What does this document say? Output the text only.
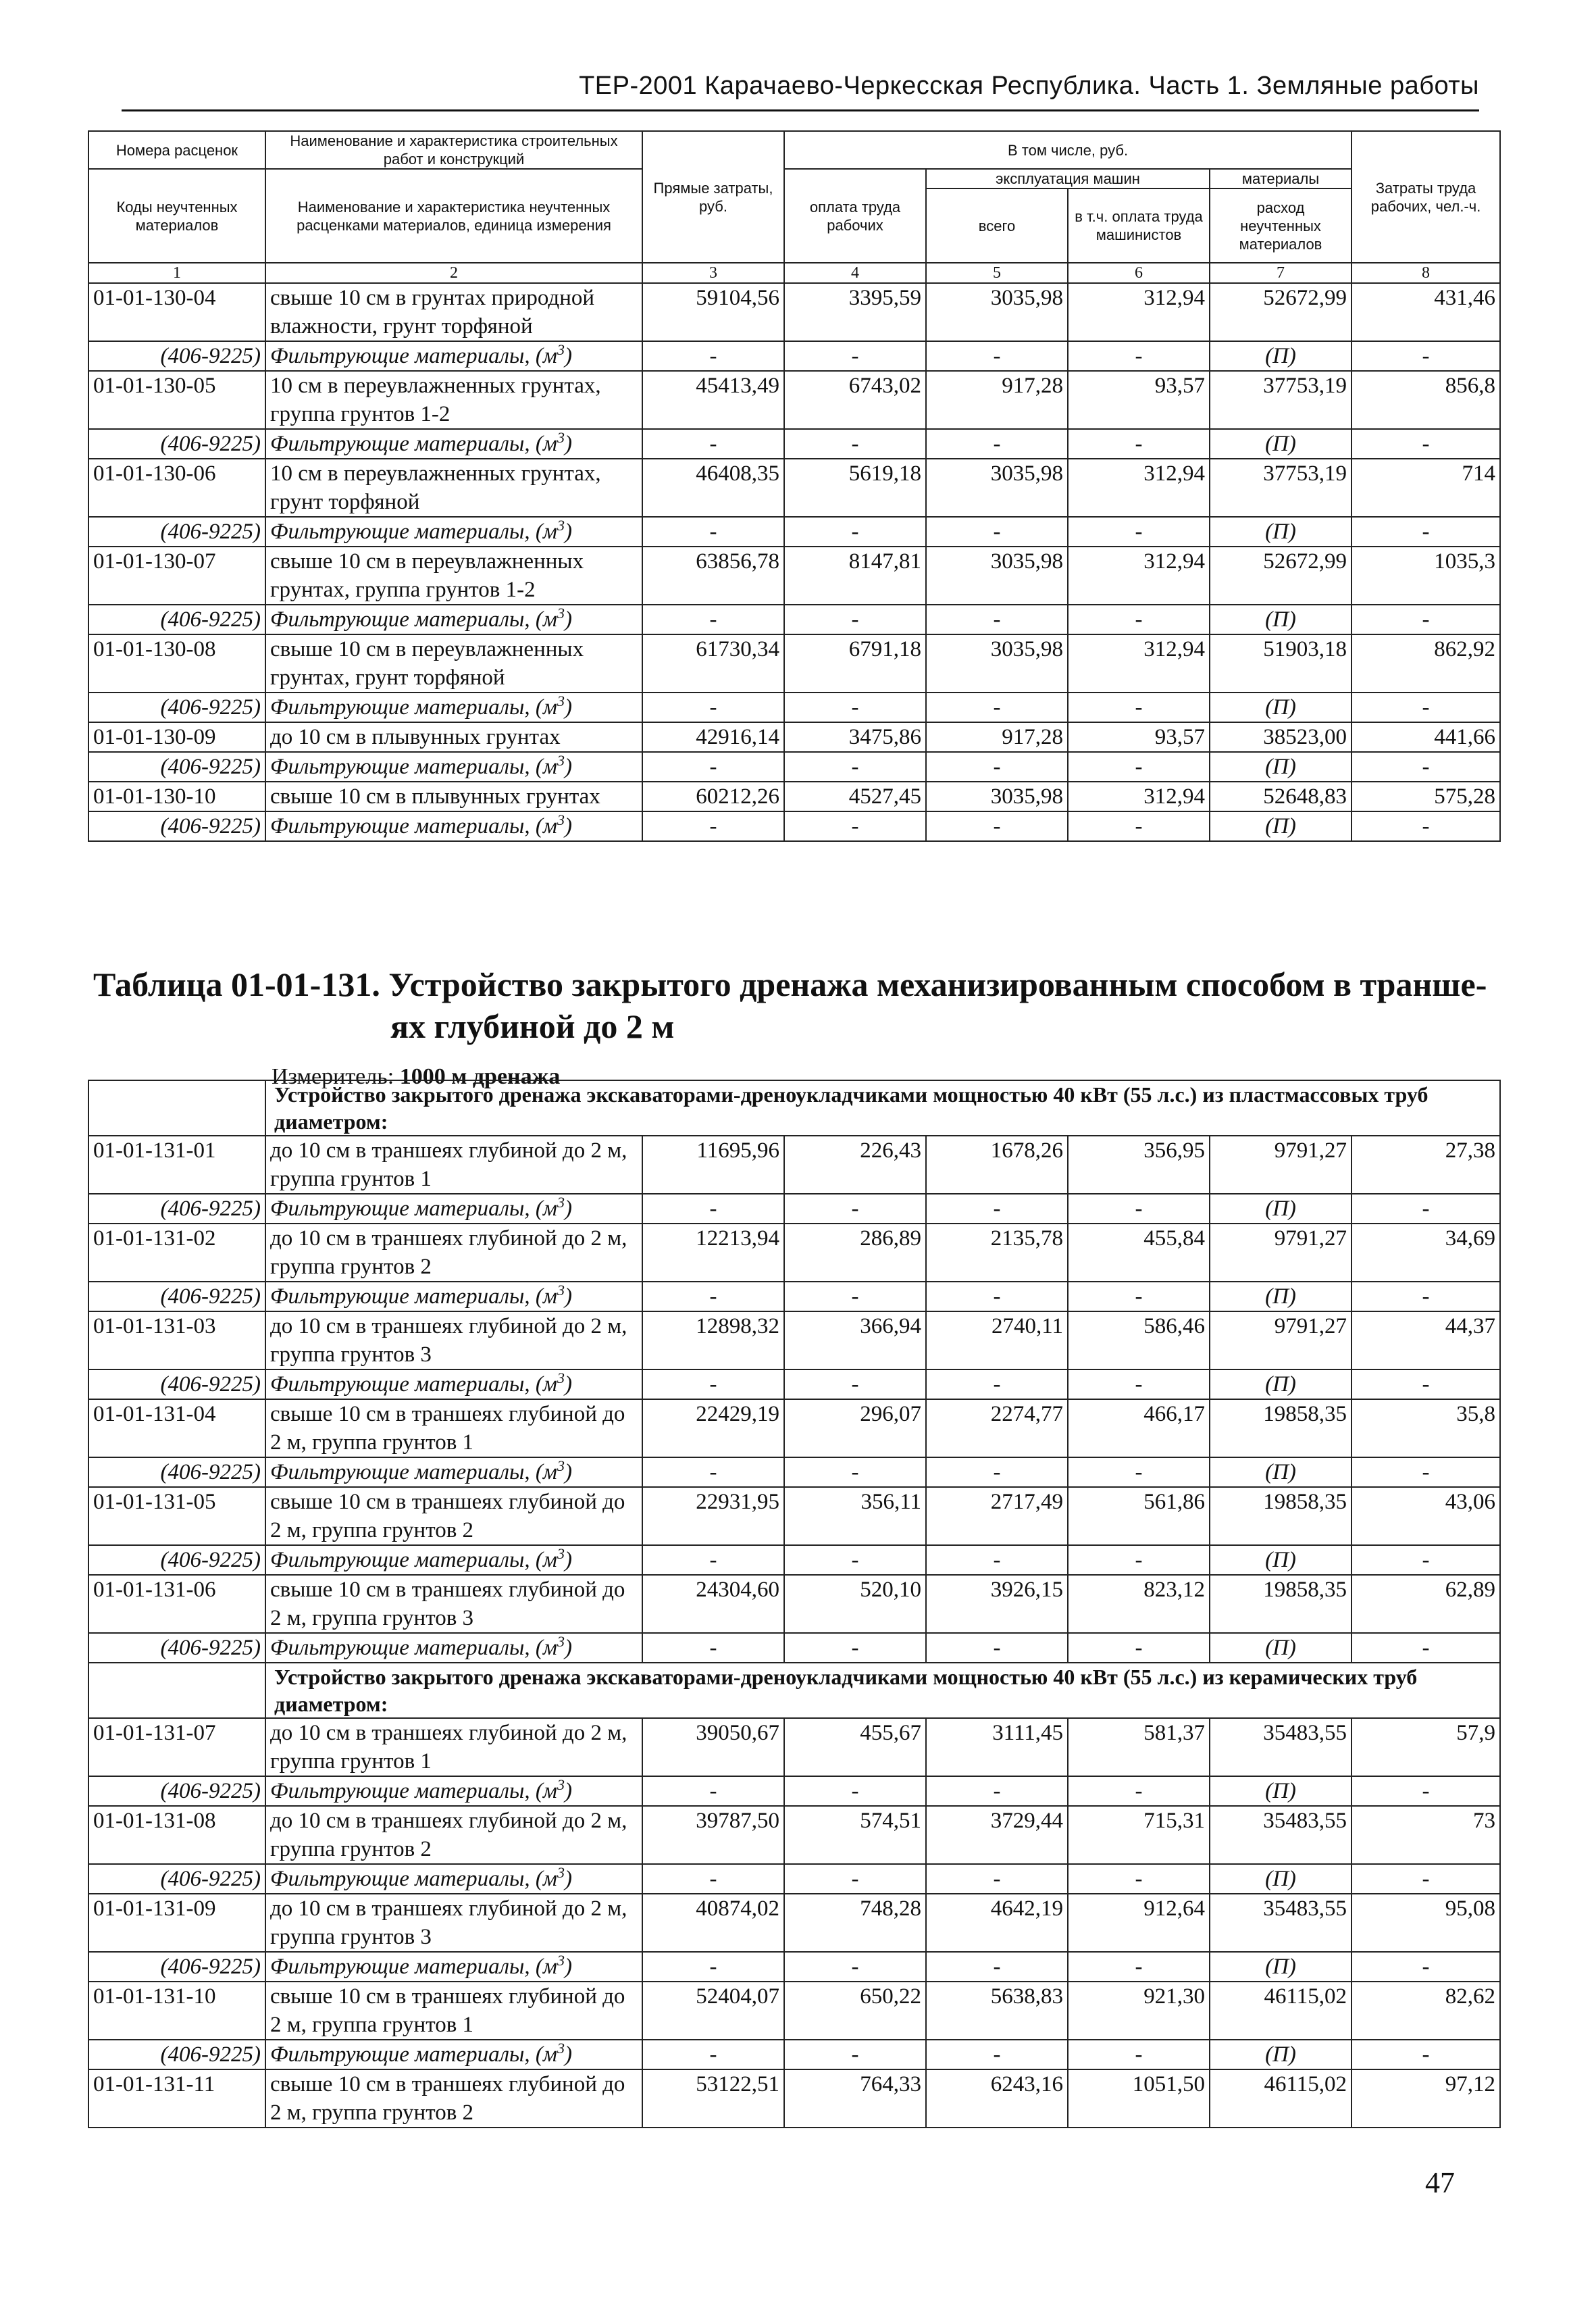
ТЕР-2001 Карачаево-Черкесская Республика. Часть 1. Земляные работы
Номера расценок	Наименование и характеристика строительных работ и конструкций	Прямые затраты, руб.	В том числе, руб.				Затраты труда рабочих, чел.-ч.
Коды неучтенных материалов	Наименование и характеристика неучтенных расценками материалов, единица измерения		оплата труда рабочих	эксплуатация машин		материалы	
				всего	в т.ч. оплата труда машинистов	расход неучтенных материалов	
1	2	3	4	5	6	7	8
01-01-130-04	свыше 10 см в грунтах природной влажности, грунт торфяной	59104,56	3395,59	3035,98	312,94	52672,99	431,46
(406-9225)	Фильтрующие материалы, $(м^3)$	-	-	-	-	(П)	-
01-01-130-05	10 см в переувлажненных грунтах, группа грунтов 1-2	45413,49	6743,02	917,28	93,57	37753,19	856,8
(406-9225)	Фильтрующие материалы, $(м^3)$	-	-	-	-	(П)	-
01-01-130-06	10 см в переувлажненных грунтах, грунт торфяной	46408,35	5619,18	3035,98	312,94	37753,19	714
(406-9225)	Фильтрующие материалы, $(м^3)$	-	-	-	-	(П)	-
01-01-130-07	свыше 10 см в переувлажненных грунтах, группа грунтов 1-2	63856,78	8147,81	3035,98	312,94	52672,99	1035,3
(406-9225)	Фильтрующие материалы, $(м^3)$	-	-	-	-	(П)	-
01-01-130-08	свыше 10 см в переувлажненных грунтах, грунт торфяной	61730,34	6791,18	3035,98	312,94	51903,18	862,92
(406-9225)	Фильтрующие материалы, $(м^3)$	-	-	-	-	(П)	-
01-01-130-09	до 10 см в плывунных грунтах	42916,14	3475,86	917,28	93,57	38523,00	441,66
(406-9225)	Фильтрующие материалы, $(м^3)$	-	-	-	-	(П)	-
01-01-130-10	свыше 10 см в плывунных грунтах	60212,26	4527,45	3035,98	312,94	52648,83	575,28
(406-9225)	Фильтрующие материалы, $(м^3)$	-	-	-	-	(П)	-
Таблица 01-01-131. Устройство закрытого дренажа механизированным способом в транше-
ях глубиной до 2 м
Измеритель: 1000 м дренажа
	Устройство закрытого дренажа экскаваторами-дреноукладчиками мощностью 40 кВт (55 л.с.) из пластмассовых труб диаметром:						
01-01-131-01	до 10 см в траншеях глубиной до 2 м, группа грунтов 1	11695,96	226,43	1678,26	356,95	9791,27	27,38
(406-9225)	Фильтрующие материалы, $(м^3)$	-	-	-	-	(П)	-
01-01-131-02	до 10 см в траншеях глубиной до 2 м, группа грунтов 2	12213,94	286,89	2135,78	455,84	9791,27	34,69
(406-9225)	Фильтрующие материалы, $(м^3)$	-	-	-	-	(П)	-
01-01-131-03	до 10 см в траншеях глубиной до 2 м, группа грунтов 3	12898,32	366,94	2740,11	586,46	9791,27	44,37
(406-9225)	Фильтрующие материалы, $(м^3)$	-	-	-	-	(П)	-
01-01-131-04	свыше 10 см в траншеях глубиной до 2 м, группа грунтов 1	22429,19	296,07	2274,77	466,17	19858,35	35,8
(406-9225)	Фильтрующие материалы, $(м^3)$	-	-	-	-	(П)	-
01-01-131-05	свыше 10 см в траншеях глубиной до 2 м, группа грунтов 2	22931,95	356,11	2717,49	561,86	19858,35	43,06
(406-9225)	Фильтрующие материалы, $(м^3)$	-	-	-	-	(П)	-
01-01-131-06	свыше 10 см в траншеях глубиной до 2 м, группа грунтов 3	24304,60	520,10	3926,15	823,12	19858,35	62,89
(406-9225)	Фильтрующие материалы, $(м^3)$	-	-	-	-	(П)	-
	Устройство закрытого дренажа экскаваторами-дреноукладчиками мощностью 40 кВт (55 л.с.) из керамических труб диаметром:						
01-01-131-07	до 10 см в траншеях глубиной до 2 м, группа грунтов 1	39050,67	455,67	3111,45	581,37	35483,55	57,9
(406-9225)	Фильтрующие материалы, $(м^3)$	-	-	-	-	(П)	-
01-01-131-08	до 10 см в траншеях глубиной до 2 м, группа грунтов 2	39787,50	574,51	3729,44	715,31	35483,55	73
(406-9225)	Фильтрующие материалы, $(м^3)$	-	-	-	-	(П)	-
01-01-131-09	до 10 см в траншеях глубиной до 2 м, группа грунтов 3	40874,02	748,28	4642,19	912,64	35483,55	95,08
(406-9225)	Фильтрующие материалы, $(м^3)$	-	-	-	-	(П)	-
01-01-131-10	свыше 10 см в траншеях глубиной до 2 м, группа грунтов 1	52404,07	650,22	5638,83	921,30	46115,02	82,62
(406-9225)	Фильтрующие материалы, $(м^3)$	-	-	-	-	(П)	-
01-01-131-11	свыше 10 см в траншеях глубиной до 2 м, группа грунтов 2	53122,51	764,33	6243,16	1051,50	46115,02	97,12
47
